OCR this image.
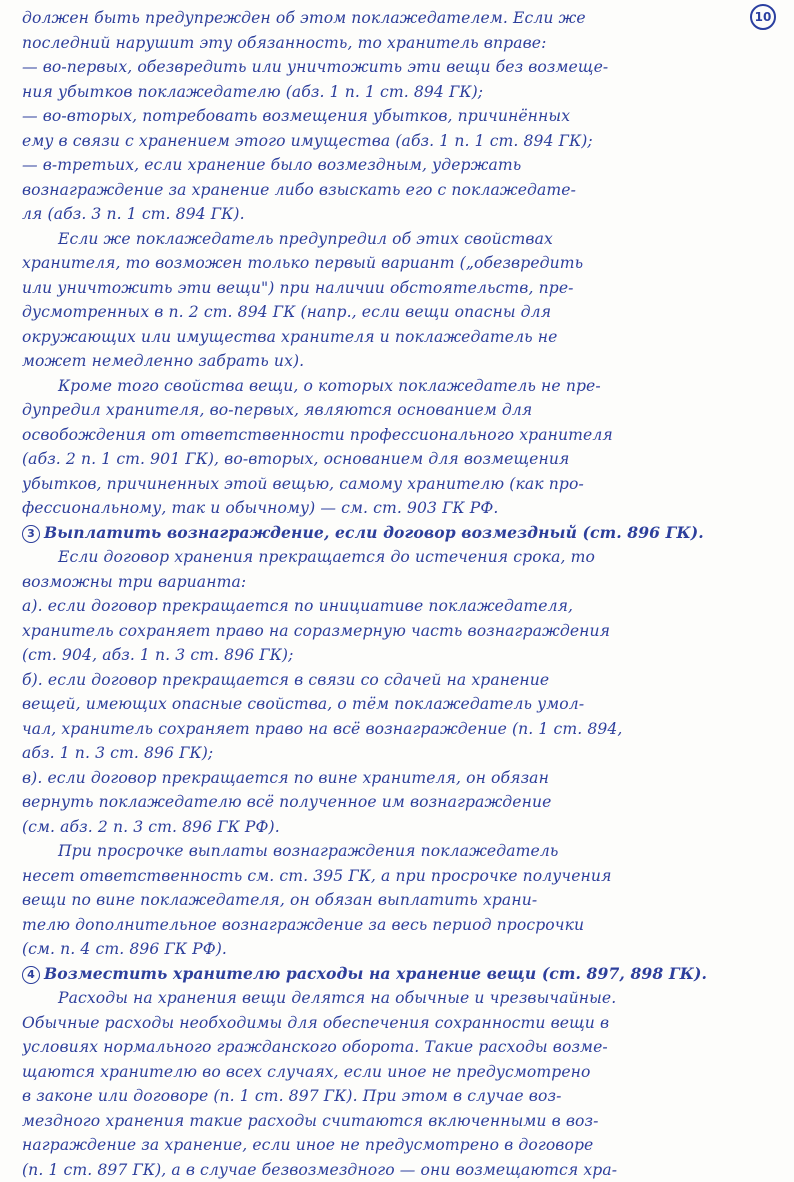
10
должен быть предупрежден об этом поклажедателем. Если же
последний нарушит эту обязанность, то хранитель вправе:
— во-первых, обезвредить или уничтожить эти вещи без возмеще-
ния убытков поклажедателю (абз. 1 п. 1 ст. 894 ГК);
— во-вторых, потребовать возмещения убытков, причинённых
ему в связи с хранением этого имущества (абз. 1 п. 1 ст. 894 ГК);
— в-третьих, если хранение было возмездным, удержать
вознаграждение за хранение либо взыскать его с поклажедате-
ля (абз. 3 п. 1 ст. 894 ГК).
Если же поклажедатель предупредил об этих свойствах
хранителя, то возможен только первый вариант („обезвредить
или уничтожить эти вещи") при наличии обстоятельств, пре-
дусмотренных в п. 2 ст. 894 ГК (напр., если вещи опасны для
окружающих или имущества хранителя и поклажедатель не
может немедленно забрать их).
Кроме того свойства вещи, о которых поклажедатель не пре-
дупредил хранителя, во-первых, являются основанием для
освобождения от ответственности профессионального хранителя
(абз. 2 п. 1 ст. 901 ГК), во-вторых, основанием для возмещения
убытков, причиненных этой вещью, самому хранителю (как про-
фессиональному, так и обычному) — см. ст. 903 ГК РФ.
3 Выплатить вознаграждение, если договор возмездный (ст. 896 ГК).
Если договор хранения прекращается до истечения срока, то
возможны три варианта:
а). если договор прекращается по инициативе поклажедателя,
хранитель сохраняет право на соразмерную часть вознаграждения
(ст. 904, абз. 1 п. 3 ст. 896 ГК);
б). если договор прекращается в связи со сдачей на хранение
вещей, имеющих опасные свойства, о тём поклажедатель умол-
чал, хранитель сохраняет право на всё вознаграждение (п. 1 ст. 894,
абз. 1 п. 3 ст. 896 ГК);
в). если договор прекращается по вине хранителя, он обязан
вернуть поклажедателю всё полученное им вознаграждение
(см. абз. 2 п. 3 ст. 896 ГК РФ).
При просрочке выплаты вознаграждения поклажедатель
несет ответственность см. ст. 395 ГК, а при просрочке получения
вещи по вине поклажедателя, он обязан выплатить храни-
телю дополнительное вознаграждение за весь период просрочки
(см. п. 4 ст. 896 ГК РФ).
4 Возместить хранителю расходы на хранение вещи (ст. 897, 898 ГК).
Расходы на хранения вещи делятся на обычные и чрезвычайные.
Обычные расходы необходимы для обеспечения сохранности вещи в
условиях нормального гражданского оборота. Такие расходы возме-
щаются хранителю во всех случаях, если иное не предусмотрено
в законе или договоре (п. 1 ст. 897 ГК). При этом в случае воз-
мездного хранения такие расходы считаются включенными в воз-
награждение за хранение, если иное не предусмотрено в договоре
(п. 1 ст. 897 ГК), а в случае безвозмездного — они возмещаются хра-
